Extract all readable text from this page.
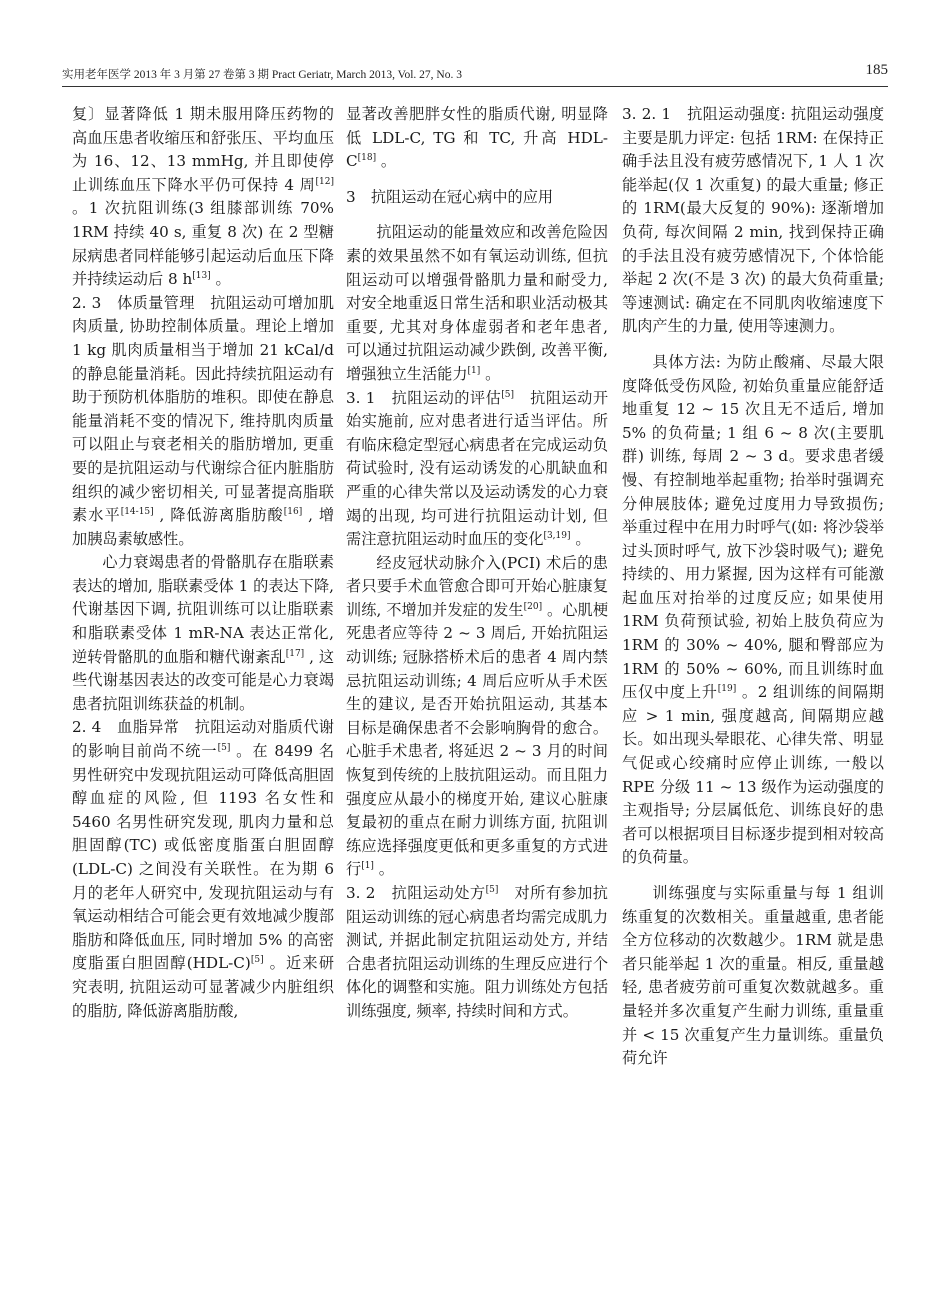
实用老年医学 2013 年 3 月第 27 卷第 3 期 Pract Geriatr, March 2013, Vol. 27, No. 3	185

复〕显著降低 1 期未服用降压药物的高血压患者收缩压和舒张压、平均血压为 16、12、13 mmHg, 并且即使停止训练血压下降水平仍可保持 4 周[12] 。1 次抗阻训练(3 组膝部训练 70% 1RM 持续 40 s, 重复 8 次) 在 2 型糖尿病患者同样能够引起运动后血压下降并持续运动后 8 h[13] 。

2. 3　体质量管理　抗阻运动可增加肌肉质量, 协助控制体质量。理论上增加 1 kg 肌肉质量相当于增加 21 kCal/d 的静息能量消耗。因此持续抗阻运动有助于预防机体脂肪的堆积。即使在静息能量消耗不变的情况下, 维持肌肉质量可以阻止与衰老相关的脂肪增加, 更重要的是抗阻运动与代谢综合征内脏脂肪组织的减少密切相关, 可显著提高脂联素水平[14-15] , 降低游离脂肪酸[16] , 增加胰岛素敏感性。

心力衰竭患者的骨骼肌存在脂联素表达的增加, 脂联素受体 1 的表达下降, 代谢基因下调, 抗阻训练可以让脂联素和脂联素受体 1 mR-NA 表达正常化, 逆转骨骼肌的血脂和糖代谢紊乱[17] , 这些代谢基因表达的改变可能是心力衰竭患者抗阻训练获益的机制。

2. 4　血脂异常　抗阻运动对脂质代谢的影响目前尚不统一[5] 。在 8499 名男性研究中发现抗阻运动可降低高胆固醇血症的风险, 但 1193 名女性和 5460 名男性研究发现, 肌肉力量和总胆固醇(TC) 或低密度脂蛋白胆固醇(LDL-C) 之间没有关联性。在为期 6 月的老年人研究中, 发现抗阻运动与有氧运动相结合可能会更有效地减少腹部脂肪和降低血压, 同时增加 5% 的高密度脂蛋白胆固醇(HDL-C)[5] 。近来研究表明, 抗阻运动可显著减少内脏组织的脂肪, 降低游离脂肪酸,

显著改善肥胖女性的脂质代谢, 明显降低 LDL-C, TG 和 TC, 升高 HDL-C[18] 。

3　抗阻运动在冠心病中的应用

抗阻运动的能量效应和改善危险因素的效果虽然不如有氧运动训练, 但抗阻运动可以增强骨骼肌力量和耐受力, 对安全地重返日常生活和职业活动极其重要, 尤其对身体虚弱者和老年患者, 可以通过抗阻运动减少跌倒, 改善平衡, 增强独立生活能力[1] 。

3. 1　抗阻运动的评估[5]　抗阻运动开始实施前, 应对患者进行适当评估。所有临床稳定型冠心病患者在完成运动负荷试验时, 没有运动诱发的心肌缺血和严重的心律失常以及运动诱发的心力衰竭的出现, 均可进行抗阻运动计划, 但需注意抗阻运动时血压的变化[3,19] 。

经皮冠状动脉介入(PCI) 术后的患者只要手术血管愈合即可开始心脏康复训练, 不增加并发症的发生[20] 。心肌梗死患者应等待 2 ~ 3 周后, 开始抗阻运动训练; 冠脉搭桥术后的患者 4 周内禁忌抗阻运动训练; 4 周后应听从手术医生的建议, 是否开始抗阻运动, 其基本目标是确保患者不会影响胸骨的愈合。心脏手术患者, 将延迟 2 ~ 3 月的时间恢复到传统的上肢抗阻运动。而且阻力强度应从最小的梯度开始, 建议心脏康复最初的重点在耐力训练方面, 抗阻训练应选择强度更低和更多重复的方式进行[1] 。

3. 2　抗阻运动处方[5]　对所有参加抗阻运动训练的冠心病患者均需完成肌力测试, 并据此制定抗阻运动处方, 并结合患者抗阻运动训练的生理反应进行个体化的调整和实施。阻力训练处方包括训练强度, 频率, 持续时间和方式。

3. 2. 1　抗阻运动强度: 抗阻运动强度主要是肌力评定: 包括 1RM: 在保持正确手法且没有疲劳感情况下, 1 人 1 次能举起(仅 1 次重复) 的最大重量; 修正的 1RM(最大反复的 90%): 逐渐增加负荷, 每次间隔 2 min, 找到保持正确的手法且没有疲劳感情况下, 个体恰能举起 2 次(不是 3 次) 的最大负荷重量; 等速测试: 确定在不同肌肉收缩速度下肌肉产生的力量, 使用等速测力。

具体方法: 为防止酸痛、尽最大限度降低受伤风险, 初始负重量应能舒适地重复 12 ~ 15 次且无不适后, 增加 5% 的负荷量; 1 组 6 ~ 8 次(主要肌群) 训练, 每周 2 ~ 3 d。要求患者缓慢、有控制地举起重物; 抬举时强调充分伸展肢体; 避免过度用力导致损伤; 举重过程中在用力时呼气(如: 将沙袋举过头顶时呼气, 放下沙袋时吸气); 避免持续的、用力紧握, 因为这样有可能激起血压对抬举的过度反应; 如果使用 1RM 负荷预试验, 初始上肢负荷应为 1RM 的 30% ~ 40%, 腿和臀部应为 1RM 的 50% ~ 60%, 而且训练时血压仅中度上升[19] 。2 组训练的间隔期应 > 1 min, 强度越高, 间隔期应越长。如出现头晕眼花、心律失常、明显气促或心绞痛时应停止训练, 一般以 RPE 分级 11 ~ 13 级作为运动强度的主观指导; 分层属低危、训练良好的患者可以根据项目目标逐步提到相对较高的负荷量。

训练强度与实际重量与每 1 组训练重复的次数相关。重量越重, 患者能全方位移动的次数越少。1RM 就是患者只能举起 1 次的重量。相反, 重量越轻, 患者疲劳前可重复次数就越多。重量轻并多次重复产生耐力训练, 重量重并 < 15 次重复产生力量训练。重量负荷允许
